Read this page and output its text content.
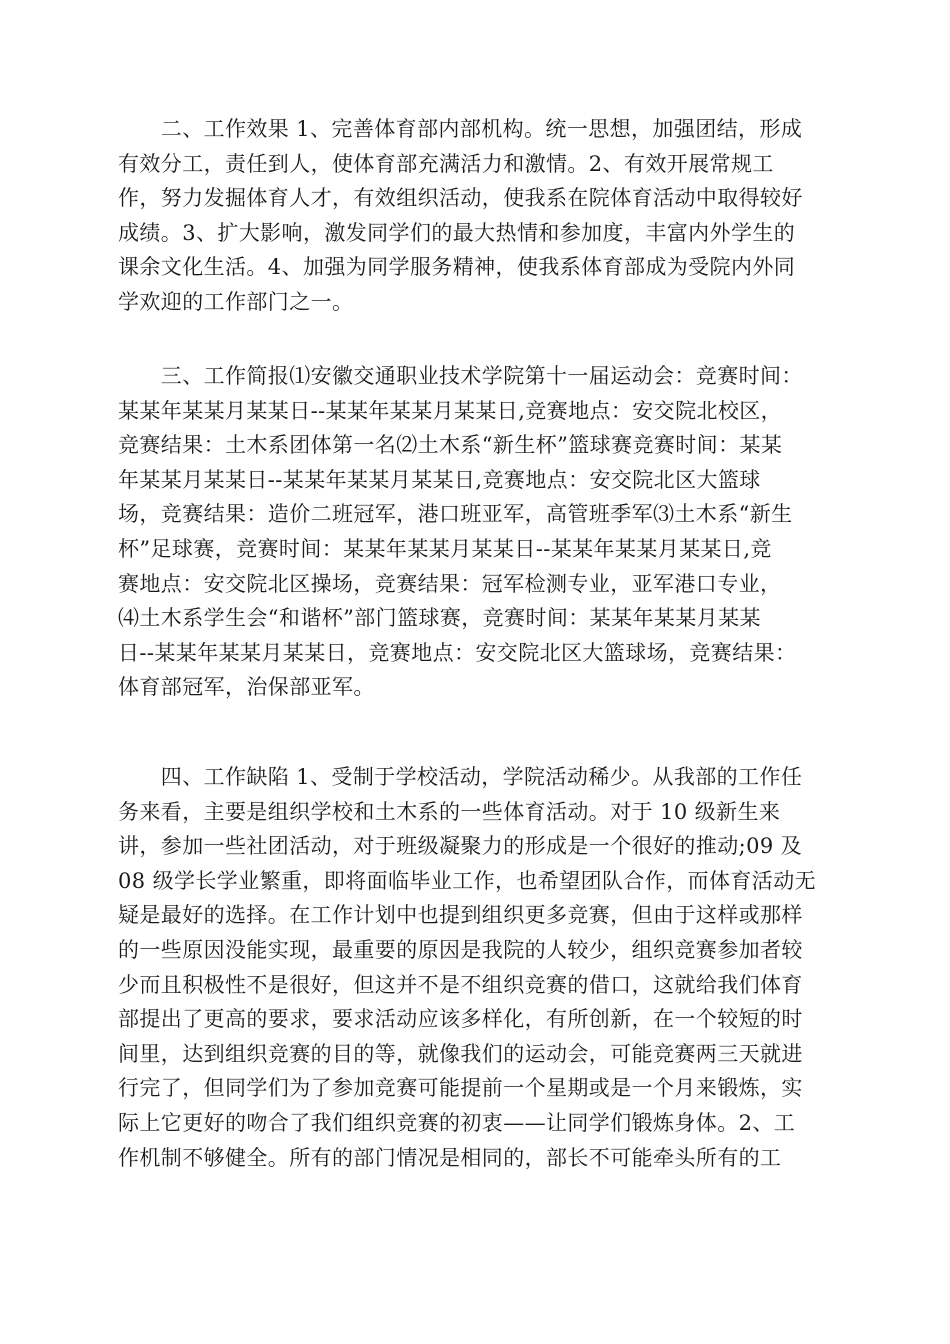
　　二、工作效果 1、完善体育部内部机构。统一思想，加强团结，形成
有效分工，责任到人，使体育部充满活力和激情。2、有效开展常规工
作，努力发掘体育人才，有效组织活动，使我系在院体育活动中取得较好
成绩。3、扩大影响，激发同学们的最大热情和参加度，丰富内外学生的
课余文化生活。4、加强为同学服务精神，使我系体育部成为受院内外同
学欢迎的工作部门之一。
　　三、工作简报⑴安徽交通职业技术学院第十一届运动会：竞赛时间：
某某年某某月某某日--某某年某某月某某日,竞赛地点：安交院北校区，
竞赛结果：土木系团体第一名⑵土木系“新生杯”篮球赛竞赛时间：某某
年某某月某某日--某某年某某月某某日,竞赛地点：安交院北区大篮球
场，竞赛结果：造价二班冠军，港口班亚军，高管班季军⑶土木系“新生
杯”足球赛，竞赛时间：某某年某某月某某日--某某年某某月某某日,竞
赛地点：安交院北区操场，竞赛结果：冠军检测专业，亚军港口专业，
⑷土木系学生会“和谐杯”部门篮球赛，竞赛时间：某某年某某月某某
日--某某年某某月某某日，竞赛地点：安交院北区大篮球场，竞赛结果：
体育部冠军，治保部亚军。
　　四、工作缺陷 1、受制于学校活动，学院活动稀少。从我部的工作任
务来看，主要是组织学校和土木系的一些体育活动。对于 10 级新生来
讲，参加一些社团活动，对于班级凝聚力的形成是一个很好的推动;09 及
08 级学长学业繁重，即将面临毕业工作，也希望团队合作，而体育活动无
疑是最好的选择。在工作计划中也提到组织更多竞赛，但由于这样或那样
的一些原因没能实现，最重要的原因是我院的人较少，组织竞赛参加者较
少而且积极性不是很好，但这并不是不组织竞赛的借口，这就给我们体育
部提出了更高的要求，要求活动应该多样化，有所创新，在一个较短的时
间里，达到组织竞赛的目的等，就像我们的运动会，可能竞赛两三天就进
行完了，但同学们为了参加竞赛可能提前一个星期或是一个月来锻炼，实
际上它更好的吻合了我们组织竞赛的初衷——让同学们锻炼身体。2、工
作机制不够健全。所有的部门情况是相同的，部长不可能牵头所有的工
